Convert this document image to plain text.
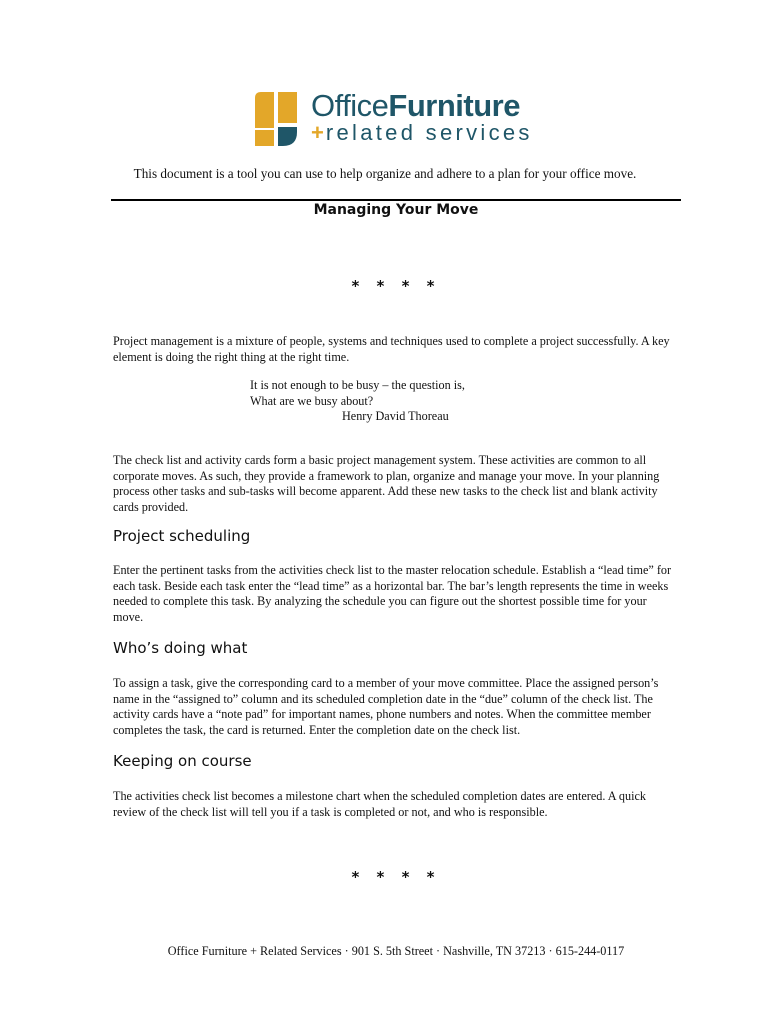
OfficeFurniture
+related services
This document is a tool you can use to help organize and adhere to a plan for your office move.
Managing Your Move
* * * *

Project management is a mixture of people, systems and techniques used to complete a project successfully. A key element is doing the right thing at the right time.

It is not enough to be busy – the question is,
What are we busy about?
Henry David Thoreau

The check list and activity cards form a basic project management system. These activities are common to all corporate moves. As such, they provide a framework to plan, organize and manage your move. In your planning process other tasks and sub-tasks will become apparent. Add these new tasks to the check list and blank activity cards provided.

Project scheduling

Enter the pertinent tasks from the activities check list to the master relocation schedule. Establish a “lead time” for each task. Beside each task enter the “lead time” as a horizontal bar. The bar’s length represents the time in weeks needed to complete this task. By analyzing the schedule you can figure out the shortest possible time for your move.

Who’s doing what

To assign a task, give the corresponding card to a member of your move committee. Place the assigned person’s name in the “assigned to” column and its scheduled completion date in the “due” column of the check list. The activity cards have a “note pad” for important names, phone numbers and notes. When the committee member completes the task, the card is returned. Enter the completion date on the check list.

Keeping on course

The activities check list becomes a milestone chart when the scheduled completion dates are entered. A quick review of the check list will tell you if a task is completed or not, and who is responsible.

* * * *
Office Furniture + Related Services · 901 S. 5th Street · Nashville, TN 37213 · 615-244-0117
